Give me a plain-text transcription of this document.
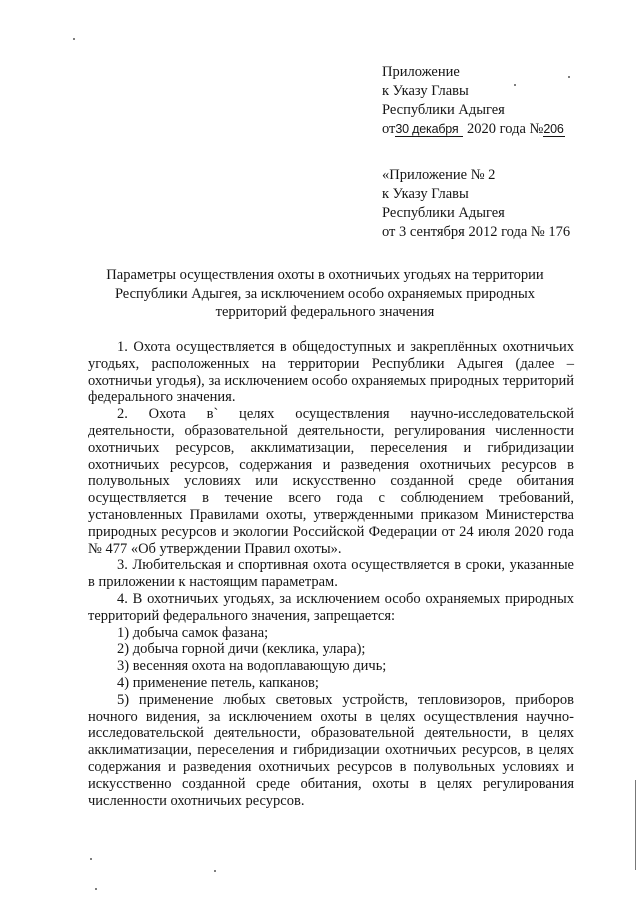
Приложение
к Указу Главы
Республики Адыгея
от30 декабря 2020 года №206
«Приложение № 2
к Указу Главы
Республики Адыгея
от 3 сентября 2012 года № 176
Параметры осуществления охоты в охотничьих угодьях на территории
Республики Адыгея, за исключением особо охраняемых природных
территорий федерального значения

1. Охота осуществляется в общедоступных и закреплённых охотничьих угодьях, расположенных на территории Республики Адыгея (далее – охотничьи угодья), за исключением особо охраняемых природных территорий федерального значения.

2. Охота в` целях осуществления научно-исследовательской деятельности, образовательной деятельности, регулирования численности охотничьих ресурсов, акклиматизации, переселения и гибридизации охотничьих ресурсов, содержания и разведения охотничьих ресурсов в полувольных условиях или искусственно созданной среде обитания осуществляется в течение всего года с соблюдением требований, установленных Правилами охоты, утвержденными приказом Министерства природных ресурсов и экологии Российской Федерации от 24 июля 2020 года № 477 «Об утверждении Правил охоты».

3. Любительская и спортивная охота осуществляется в сроки, указанные в приложении к настоящим параметрам.

4. В охотничьих угодьях, за исключением особо охраняемых природных территорий федерального значения, запрещается:

1) добыча самок фазана;

2) добыча горной дичи (кеклика, улара);

3) весенняя охота на водоплавающую дичь;

4) применение петель, капканов;

5) применение любых световых устройств, тепловизоров, приборов ночного видения, за исключением охоты в целях осуществления научно-исследовательской деятельности, образовательной деятельности, в целях акклиматизации, переселения и гибридизации охотничьих ресурсов, в целях содержания и разведения охотничьих ресурсов в полувольных условиях и искусственно созданной среде обитания, охоты в целях регулирования численности охотничьих ресурсов.
